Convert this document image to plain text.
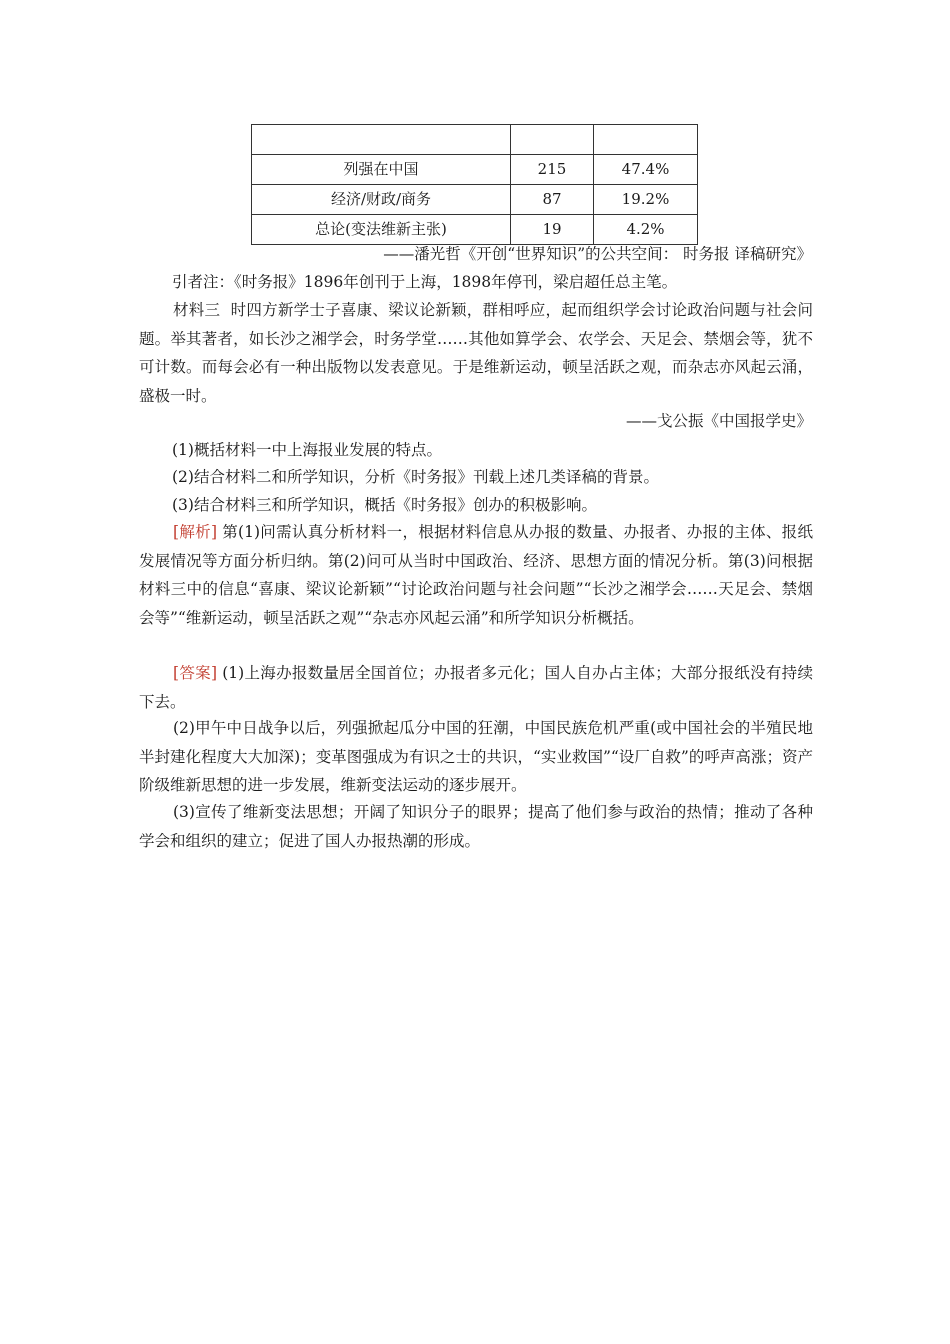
列强在中国	215	47.4%
经济/财政/商务	87	19.2%
总论(变法维新主张)	19	4.2%
——潘光哲《开创“世界知识”的公共空间： 时务报 译稿研究》
引者注：《时务报》1896年创刊于上海，1898年停刊，梁启超任总主笔。
材料三 时四方新学士子喜康、梁议论新颖，群相呼应，起而组织学会讨论政治问题与社会问题。举其著者，如长沙之湘学会，时务学堂……其他如算学会、农学会、天足会、禁烟会等，犹不可计数。而每会必有一种出版物以发表意见。于是维新运动，顿呈活跃之观，而杂志亦风起云涌，盛极一时。
——戈公振《中国报学史》
(1)概括材料一中上海报业发展的特点。
(2)结合材料二和所学知识，分析《时务报》刊载上述几类译稿的背景。
(3)结合材料三和所学知识，概括《时务报》创办的积极影响。
[解析] 第(1)问需认真分析材料一，根据材料信息从办报的数量、办报者、办报的主体、报纸发展情况等方面分析归纳。第(2)问可从当时中国政治、经济、思想方面的情况分析。第(3)问根据材料三中的信息“喜康、梁议论新颖”“讨论政治问题与社会问题”“长沙之湘学会……天足会、禁烟会等”“维新运动，顿呈活跃之观”“杂志亦风起云涌”和所学知识分析概括。
[答案] (1)上海办报数量居全国首位；办报者多元化；国人自办占主体；大部分报纸没有持续下去。
(2)甲午中日战争以后，列强掀起瓜分中国的狂潮，中国民族危机严重(或中国社会的半殖民地半封建化程度大大加深)；变革图强成为有识之士的共识，“实业救国”“设厂自救”的呼声高涨；资产阶级维新思想的进一步发展，维新变法运动的逐步展开。
(3)宣传了维新变法思想；开阔了知识分子的眼界；提高了他们参与政治的热情；推动了各种学会和组织的建立；促进了国人办报热潮的形成。
